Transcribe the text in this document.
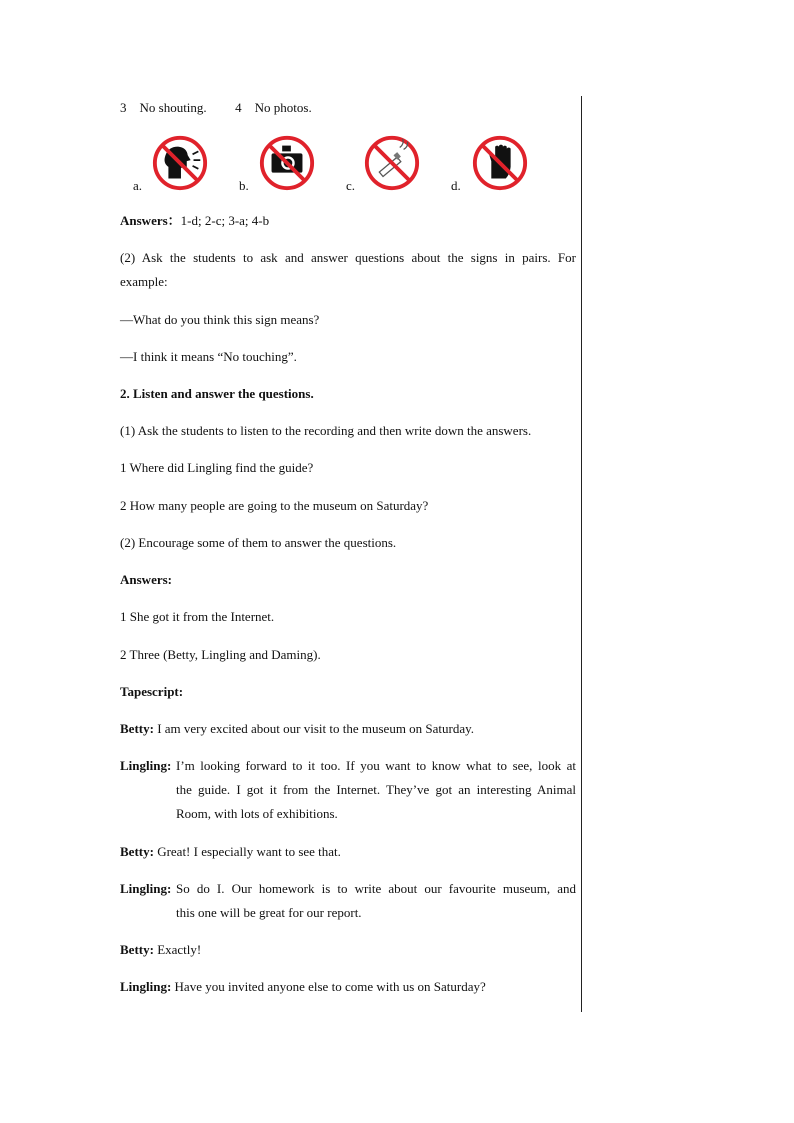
3 No shouting. 4 No photos.
a.	b.	c.	d.
Answers：1-d; 2-c; 3-a; 4-b
(2) Ask the students to ask and answer questions about the signs in pairs. For
example:
—What do you think this sign means?
—I think it means “No touching”.
2. Listen and answer the questions.
(1) Ask the students to listen to the recording and then write down the answers.
1 Where did Lingling find the guide?
2 How many people are going to the museum on Saturday?
(2) Encourage some of them to answer the questions.
Answers:
1 She got it from the Internet.
2 Three (Betty, Lingling and Daming).
Tapescript:
Betty: I am very excited about our visit to the museum on Saturday.
Lingling: I’m looking forward to it too. If you want to know what to see, look at
the guide. I got it from the Internet. They’ve got an interesting Animal
Room, with lots of exhibitions.
Betty: Great! I especially want to see that.
Lingling: So do I. Our homework is to write about our favourite museum, and
this one will be great for our report.
Betty: Exactly!
Lingling: Have you invited anyone else to come with us on Saturday?
